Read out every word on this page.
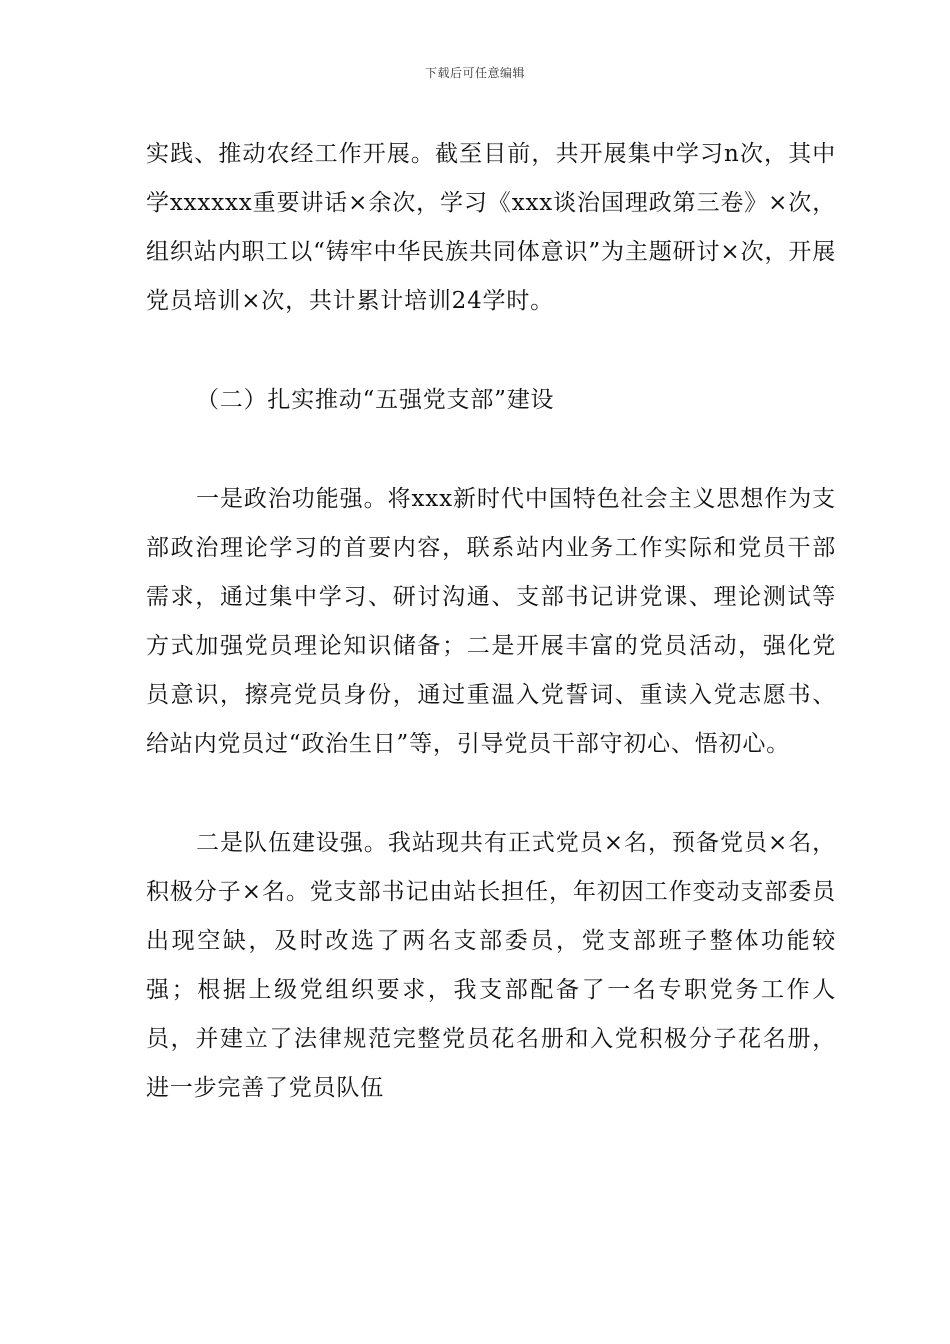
下载后可任意编辑

实践、推动农经工作开展。截至目前，共开展集中学习n次，其中学xxxxxx重要讲话×余次，学习《xxx谈治国理政第三卷》×次，组织站内职工以“铸牢中华民族共同体意识”为主题研讨×次，开展党员培训×次，共计累计培训24学时。

（二）扎实推动“五强党支部”建设

一是政治功能强。将xxx新时代中国特色社会主义思想作为支部政治理论学习的首要内容，联系站内业务工作实际和党员干部需求，通过集中学习、研讨沟通、支部书记讲党课、理论测试等方式加强党员理论知识储备；二是开展丰富的党员活动，强化党员意识，擦亮党员身份，通过重温入党誓词、重读入党志愿书、给站内党员过“政治生日”等，引导党员干部守初心、悟初心。

二是队伍建设强。我站现共有正式党员×名，预备党员×名，积极分子×名。党支部书记由站长担任，年初因工作变动支部委员出现空缺，及时改选了两名支部委员，党支部班子整体功能较强；根据上级党组织要求，我支部配备了一名专职党务工作人员，并建立了法律规范完整党员花名册和入党积极分子花名册，进一步完善了党员队伍
